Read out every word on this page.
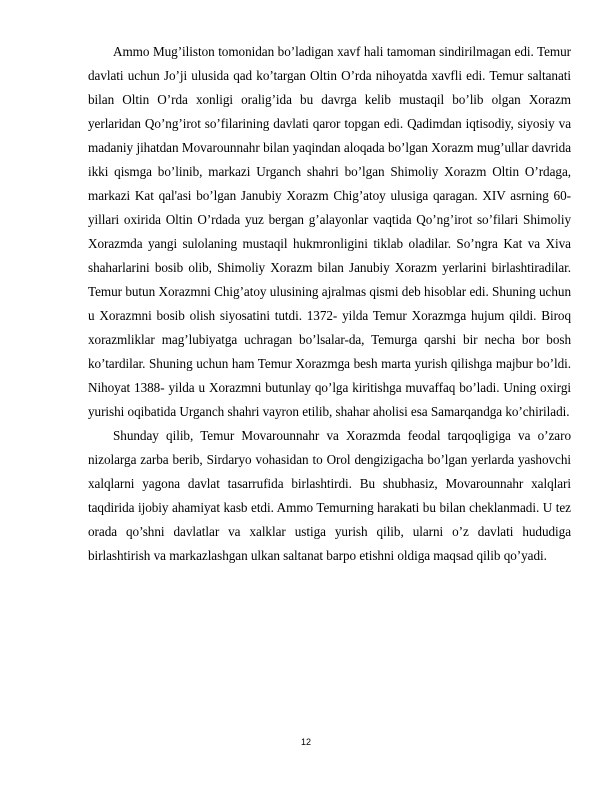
Ammo Mug’iliston tomonidan bo’ladigan xavf hali tamoman sindirilmagan edi. Temur davlati uchun Jo’ji ulusida qad ko’targan Oltin O’rda nihoyatda xavfli edi. Temur saltanati bilan Oltin O’rda xonligi oralig’ida bu davrga kelib mustaqil bo’lib olgan Xorazm yerlaridan Qo’ng’irot so’filarining davlati qaror topgan edi. Qadimdan iqtisodiy, siyosiy va madaniy jihatdan Movarounnahr bilan yaqindan aloqada bo’lgan Xorazm mug’ullar davrida ikki qismga bo’linib, markazi Urganch shahri bo’lgan Shimoliy Xorazm Oltin O’rdaga, markazi Kat qal'asi bo’lgan Janubiy Xorazm Chig’atoy ulusiga qaragan. XIV asrning 60- yillari oxirida Oltin O’rdada yuz bergan g’alayonlar vaqtida Qo’ng’irot so’filari Shimoliy Xorazmda yangi sulolaning mustaqil hukmronligini tiklab oladilar. So’ngra Kat va Xiva shaharlarini bosib olib, Shimoliy Xorazm bilan Janubiy Xorazm yerlarini birlashtiradilar. Temur butun Xorazmni Chig’atoy ulusining ajralmas qismi deb hisoblar edi. Shuning uchun u Xorazmni bosib olish siyosatini tutdi. 1372- yilda Temur Xorazmga hujum qildi. Biroq xorazmliklar mag’lubiyatga uchragan bo’lsalar-da, Temurga qarshi bir necha bor bosh ko’tardilar. Shuning uchun ham Temur Xorazmga besh marta yurish qilishga majbur bo’ldi. Nihoyat 1388- yilda u Xorazmni butunlay qo’lga kiritishga muvaffaq bo’ladi. Uning oxirgi yurishi oqibatida Urganch shahri vayron etilib, shahar aholisi esa Samarqandga ko’chiriladi.

Shunday qilib, Temur Movarounnahr va Xorazmda feodal tarqoqligiga va o’zaro nizolarga zarba berib, Sirdaryo vohasidan to Orol dengizigacha bo’lgan yerlarda yashovchi xalqlarni yagona davlat tasarrufida birlashtirdi. Bu shubhasiz, Movarounnahr xalqlari taqdirida ijobiy ahamiyat kasb etdi. Ammo Temurning harakati bu bilan cheklanmadi. U tez orada qo’shni davlatlar va xalklar ustiga yurish qilib, ularni o’z davlati hududiga birlashtirish va markazlashgan ulkan saltanat barpo etishni oldiga maqsad qilib qo’yadi.

12
